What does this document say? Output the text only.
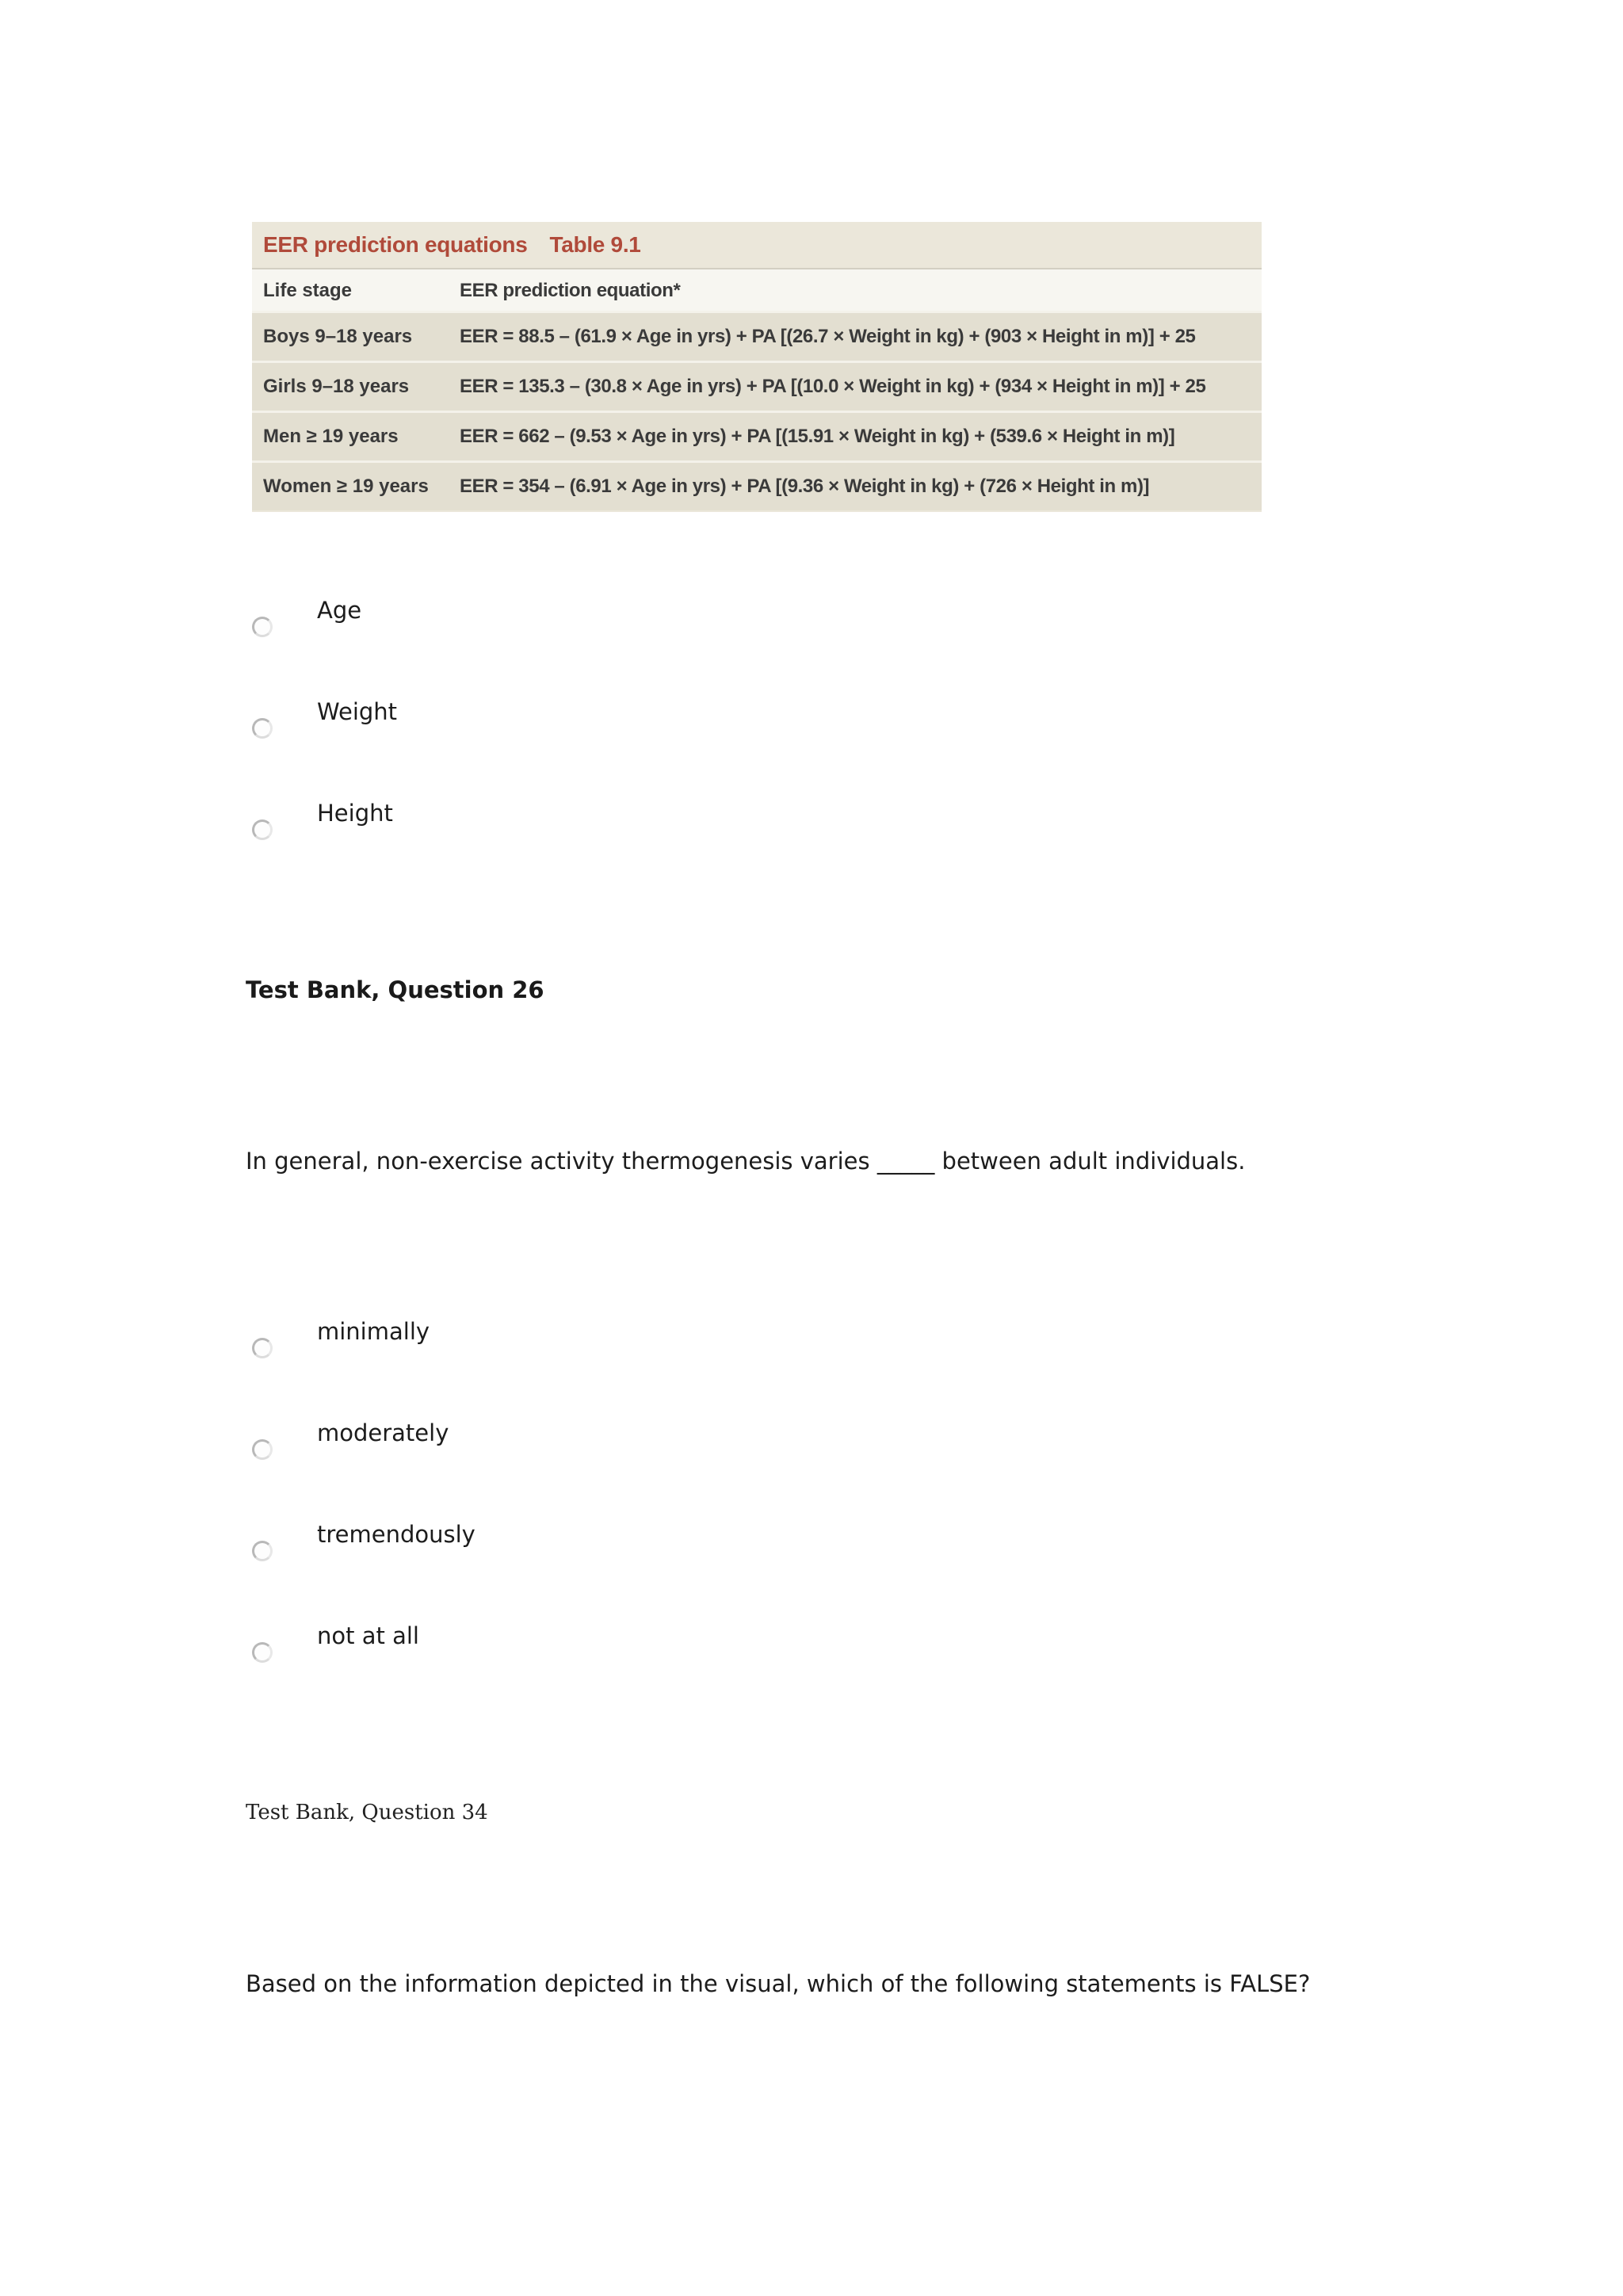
EER prediction equations Table 9.1
Life stage	EER prediction equation*
Boys 9–18 years EER = 88.5 – (61.9 × Age in yrs) + PA [(26.7 × Weight in kg) + (903 × Height in m)] + 25
Girls 9–18 years	EER = 135.3 – (30.8 × Age in yrs) + PA [(10.0 × Weight in kg) + (934 × Height in m)] + 25
Men ≥ 19 years	EER = 662 – (9.53 × Age in yrs) + PA [(15.91 × Weight in kg) + (539.6 × Height in m)]
Women ≥ 19 years EER = 354 – (6.91 × Age in yrs) + PA [(9.36 × Weight in kg) + (726 × Height in m)]
Age
Weight
Height
Test Bank, Question 26
In general, non-exercise activity thermogenesis varies _____ between adult individuals.
minimally
moderately
tremendously
not at all
Test Bank, Question 34
Based on the information depicted in the visual, which of the following statements is FALSE?
